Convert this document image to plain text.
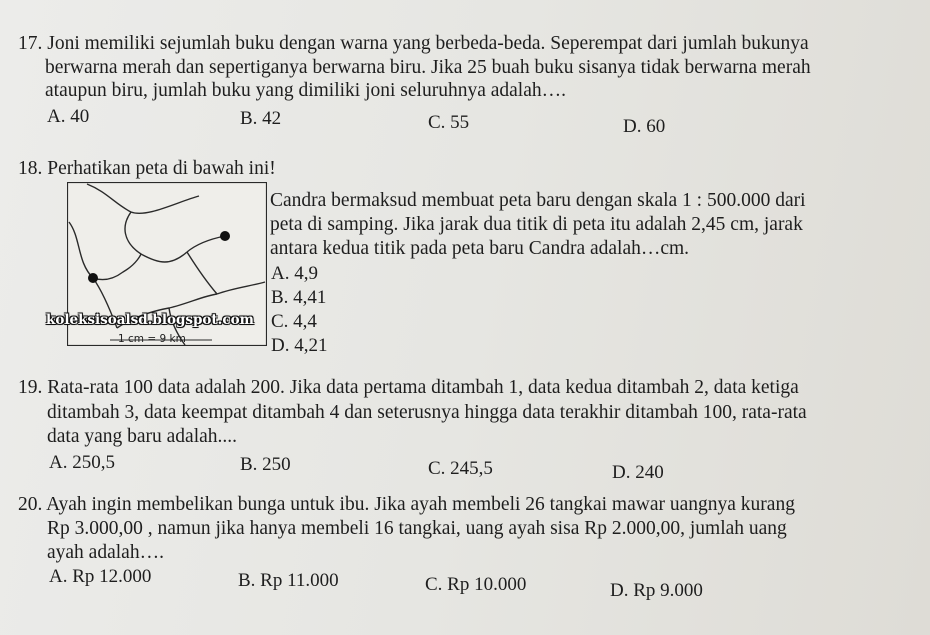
17. Joni memiliki sejumlah buku dengan warna yang berbeda-beda. Seperempat dari jumlah bukunya
berwarna merah dan sepertiganya berwarna biru. Jika 25 buah buku sisanya tidak berwarna merah
ataupun biru, jumlah buku yang dimiliki joni seluruhnya adalah….
A. 40	B. 42	C. 55	D. 60
18. Perhatikan peta di bawah ini!
koleksisoalsd.blogspot.com
1 cm = 9 km
Candra bermaksud membuat peta baru dengan skala 1 : 500.000 dari
peta di samping. Jika jarak dua titik di peta itu adalah 2,45 cm, jarak
antara kedua titik pada peta baru Candra adalah…cm.
A. 4,9
B. 4,41
C. 4,4
D. 4,21
19. Rata-rata 100 data adalah 200. Jika data pertama ditambah 1, data kedua ditambah 2, data ketiga
ditambah 3, data keempat ditambah 4 dan seterusnya hingga data terakhir ditambah 100, rata-rata
data yang baru adalah....
A. 250,5	B. 250	C. 245,5	D. 240
20. Ayah ingin membelikan bunga untuk ibu. Jika ayah membeli 26 tangkai mawar uangnya kurang
Rp 3.000,00 , namun jika hanya membeli 16 tangkai, uang ayah sisa Rp 2.000,00, jumlah uang
ayah adalah….
A. Rp 12.000	B. Rp 11.000	C. Rp 10.000	D. Rp 9.000
